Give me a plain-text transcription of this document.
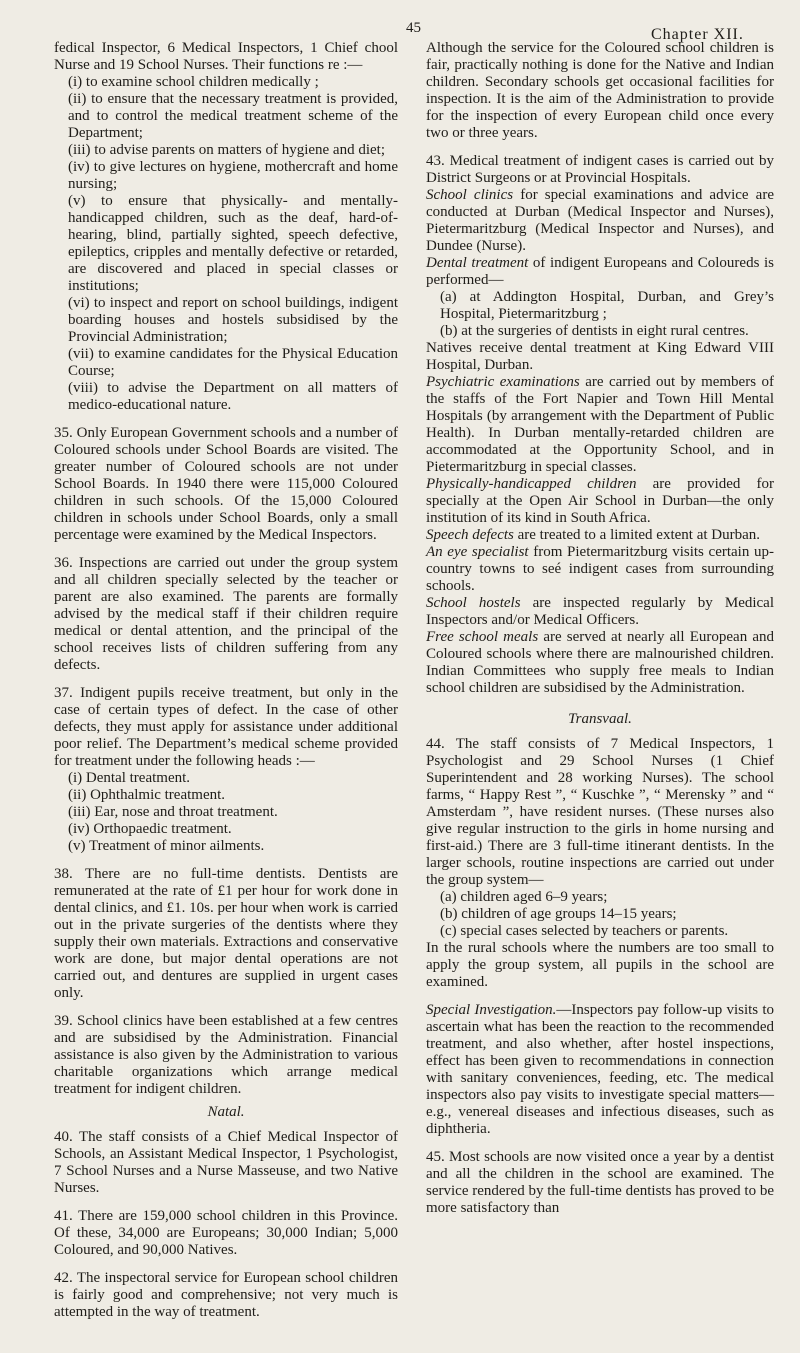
45	Chapter XII.

fedical Inspector, 6 Medical Inspectors, 1 Chief chool Nurse and 19 School Nurses. Their functions re :—

(i) to examine school children medically ;

(ii) to ensure that the necessary treatment is provided, and to control the medical treatment scheme of the Department;

(iii) to advise parents on matters of hygiene and diet;

(iv) to give lectures on hygiene, mothercraft and home nursing;

(v) to ensure that physically- and mentally-handicapped children, such as the deaf, hard-of-hearing, blind, partially sighted, speech defective, epileptics, cripples and mentally defective or retarded, are discovered and placed in special classes or institutions;

(vi) to inspect and report on school buildings, indigent boarding houses and hostels subsidised by the Provincial Administration;

(vii) to examine candidates for the Physical Education Course;

(viii) to advise the Department on all matters of medico-educational nature.

35. Only European Government schools and a number of Coloured schools under School Boards are visited. The greater number of Coloured schools are not under School Boards. In 1940 there were 115,000 Coloured children in such schools. Of the 15,000 Coloured children in schools under School Boards, only a small percentage were examined by the Medical Inspectors.

36. Inspections are carried out under the group system and all children specially selected by the teacher or parent are also examined. The parents are formally advised by the medical staff if their children require medical or dental attention, and the principal of the school receives lists of children suffering from any defects.

37. Indigent pupils receive treatment, but only in the case of certain types of defect. In the case of other defects, they must apply for assistance under additional poor relief. The Department’s medical scheme provided for treatment under the following heads :—

(i) Dental treatment.

(ii) Ophthalmic treatment.

(iii) Ear, nose and throat treatment.

(iv) Orthopaedic treatment.

(v) Treatment of minor ailments.

38. There are no full-time dentists. Dentists are remunerated at the rate of £1 per hour for work done in dental clinics, and £1. 10s. per hour when work is carried out in the private surgeries of the dentists where they supply their own materials. Extractions and conservative work are done, but major dental operations are not carried out, and dentures are supplied in urgent cases only.

39. School clinics have been established at a few centres and are subsidised by the Administration. Financial assistance is also given by the Administration to various charitable organizations which arrange medical treatment for indigent children.

Natal.

40. The staff consists of a Chief Medical Inspector of Schools, an Assistant Medical Inspector, 1 Psychologist, 7 School Nurses and a Nurse Masseuse, and two Native Nurses.

41. There are 159,000 school children in this Province. Of these, 34,000 are Europeans; 30,000 Indian; 5,000 Coloured, and 90,000 Natives.

42. The inspectoral service for European school children is fairly good and comprehensive; not very much is attempted in the way of treatment.

Although the service for the Coloured school children is fair, practically nothing is done for the Native and Indian children. Secondary schools get occasional facilities for inspection. It is the aim of the Administration to provide for the inspection of every European child once every two or three years.

43. Medical treatment of indigent cases is carried out by District Surgeons or at Provincial Hospitals.

School clinics for special examinations and advice are conducted at Durban (Medical Inspector and Nurses), Pietermaritzburg (Medical Inspector and Nurses), and Dundee (Nurse).

Dental treatment of indigent Europeans and Coloureds is performed—

(a) at Addington Hospital, Durban, and Grey’s Hospital, Pietermaritzburg ;

(b) at the surgeries of dentists in eight rural centres.

Natives receive dental treatment at King Edward VIII Hospital, Durban.

Psychiatric examinations are carried out by members of the staffs of the Fort Napier and Town Hill Mental Hospitals (by arrangement with the Department of Public Health). In Durban mentally-retarded children are accommodated at the Opportunity School, and in Pietermaritzburg in special classes.

Physically-handicapped children are provided for specially at the Open Air School in Durban—the only institution of its kind in South Africa.

Speech defects are treated to a limited extent at Durban.

An eye specialist from Pietermaritzburg visits certain up-country towns to seé indigent cases from surrounding schools.

School hostels are inspected regularly by Medical Inspectors and/or Medical Officers.

Free school meals are served at nearly all European and Coloured schools where there are malnourished children. Indian Committees who supply free meals to Indian school children are subsidised by the Administration.

Transvaal.

44. The staff consists of 7 Medical Inspectors, 1 Psychologist and 29 School Nurses (1 Chief Superintendent and 28 working Nurses). The school farms, “ Happy Rest ”, “ Kuschke ”, “ Merensky ” and “ Amsterdam ”, have resident nurses. (These nurses also give regular instruction to the girls in home nursing and first-aid.) There are 3 full-time itinerant dentists. In the larger schools, routine inspections are carried out under the group system—

(a) children aged 6–9 years;

(b) children of age groups 14–15 years;

(c) special cases selected by teachers or parents.

In the rural schools where the numbers are too small to apply the group system, all pupils in the school are examined.

Special Investigation.—Inspectors pay follow-up visits to ascertain what has been the reaction to the recommended treatment, and also whether, after hostel inspections, effect has been given to recommendations in connection with sanitary conveniences, feeding, etc. The medical inspectors also pay visits to investigate special matters—e.g., venereal diseases and infectious diseases, such as diphtheria.

45. Most schools are now visited once a year by a dentist and all the children in the school are examined. The service rendered by the full-time dentists has proved to be more satisfactory than
